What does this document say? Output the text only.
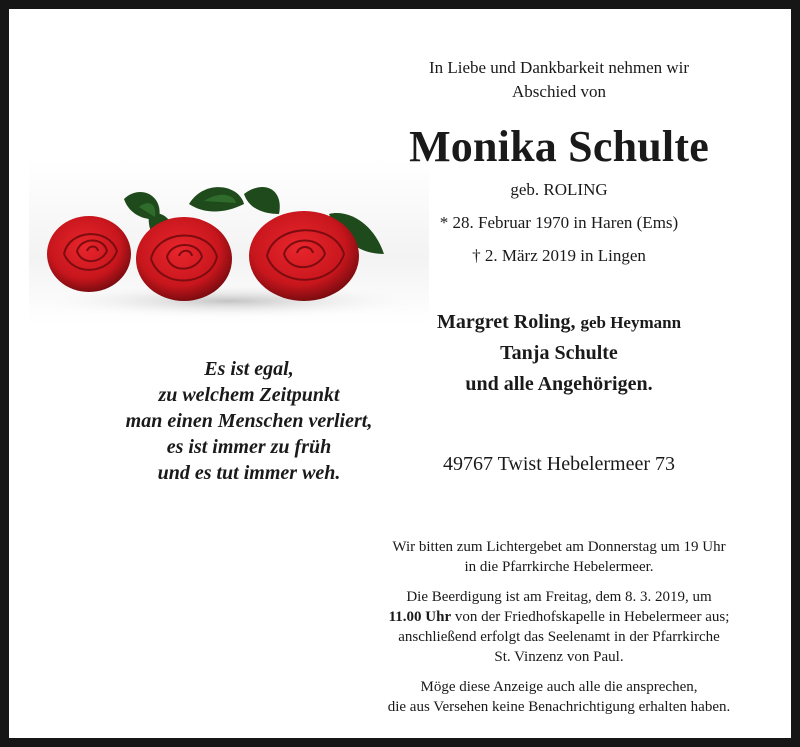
In Liebe und Dankbarkeit nehmen wir
Abschied von
Monika Schulte
geb. ROLING
* 28. Februar 1970 in Haren (Ems)
† 2. März 2019 in Lingen
Margret Roling, geb Heymann
Tanja Schulte
und alle Angehörigen.
49767 Twist Hebelermeer 73
Es ist egal,
zu welchem Zeitpunkt
man einen Menschen verliert,
es ist immer zu früh
und es tut immer weh.
Wir bitten zum Lichtergebet am Donnerstag um 19 Uhr
in die Pfarrkirche Hebelermeer.
Die Beerdigung ist am Freitag, dem 8. 3. 2019, um
11.00 Uhr von der Friedhofskapelle in Hebelermeer aus;
anschließend erfolgt das Seelenamt in der Pfarrkirche
St. Vinzenz von Paul.
Möge diese Anzeige auch alle die ansprechen,
die aus Versehen keine Benachrichtigung erhalten haben.
